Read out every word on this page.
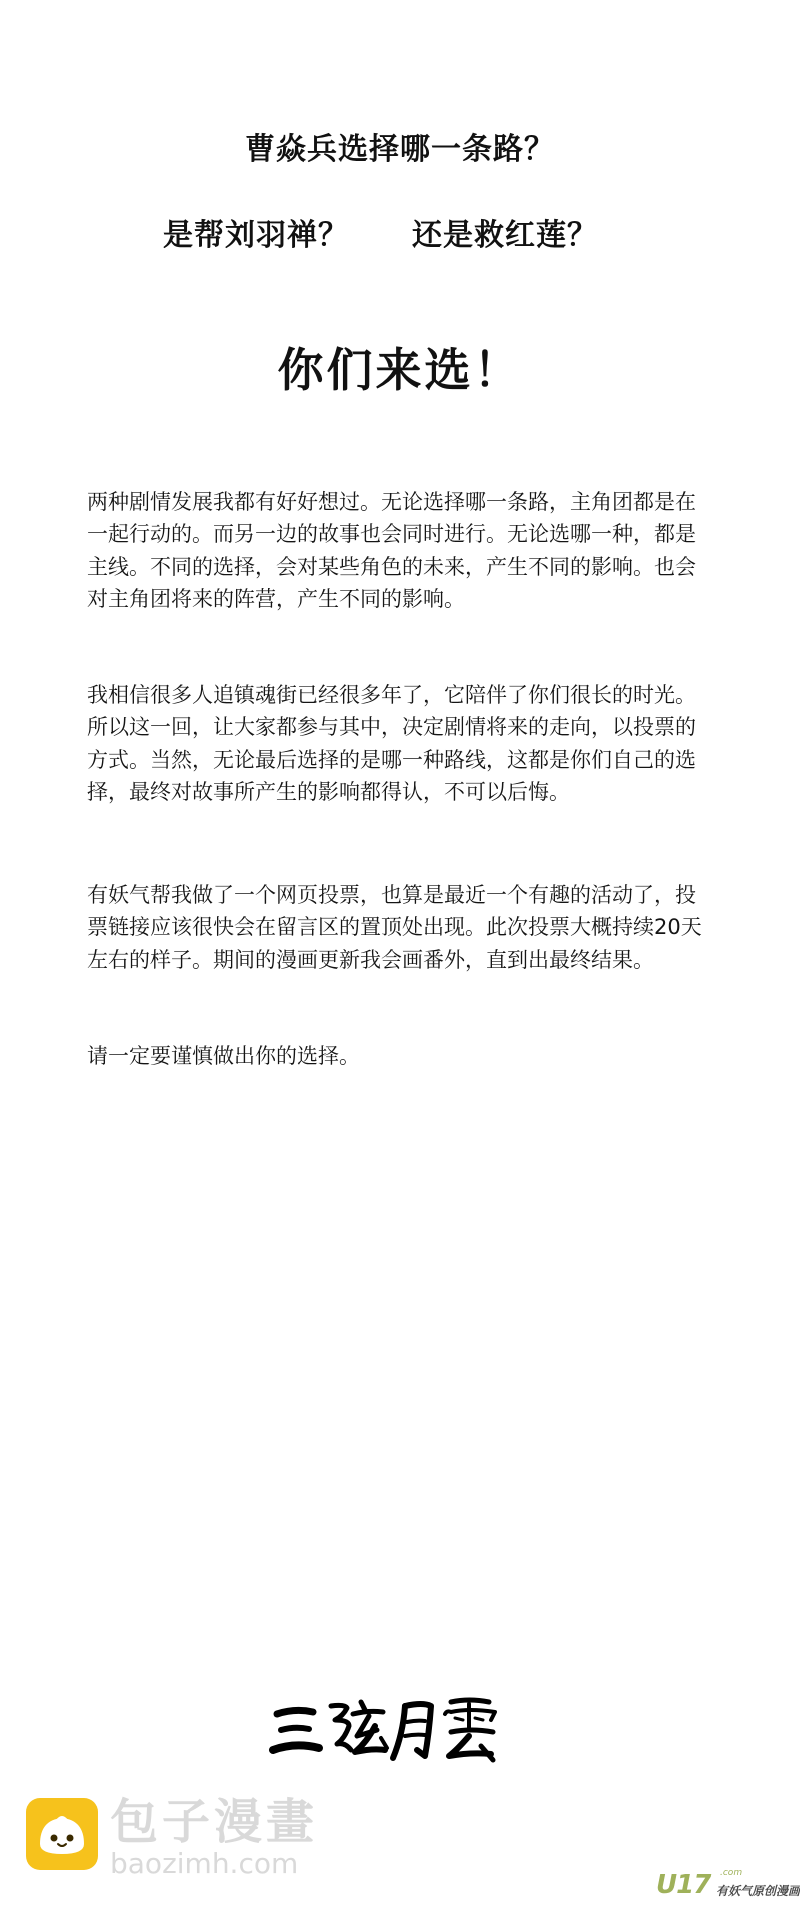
曹焱兵选择哪一条路？
是帮刘羽禅？ 还是救红莲？
你们来选！
两种剧情发展我都有好好想过。无论选择哪一条路，主角团都是在一起行动的。而另一边的故事也会同时进行。无论选哪一种，都是主线。不同的选择，会对某些角色的未来，产生不同的影响。也会对主角团将来的阵营，产生不同的影响。
我相信很多人追镇魂街已经很多年了，它陪伴了你们很长的时光。所以这一回，让大家都参与其中，决定剧情将来的走向，以投票的方式。当然，无论最后选择的是哪一种路线，这都是你们自己的选择，最终对故事所产生的影响都得认，不可以后悔。
有妖气帮我做了一个网页投票，也算是最近一个有趣的活动了，投票链接应该很快会在留言区的置顶处出现。此次投票大概持续20天左右的样子。期间的漫画更新我会画番外，直到出最终结果。
请一定要谨慎做出你的选择。
三弦月雲
包子漫畫
baozimh.com
U17 .com
有妖气原创漫画
